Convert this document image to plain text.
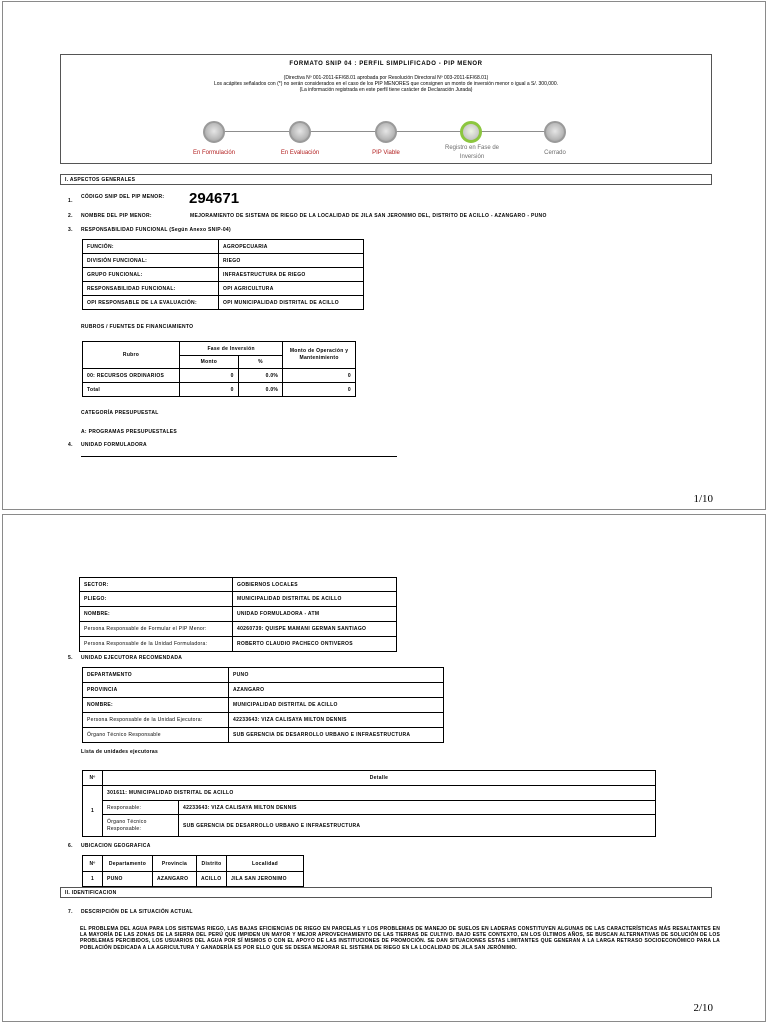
FORMATO SNIP 04 : PERFIL SIMPLIFICADO - PIP MENOR
(Directiva Nº 001-2011-EF/68.01 aprobada por Resolución Directoral Nº 003-2011-EF/68.01)
Los acápites señalados con (*) no serán considerados en el caso de los PIP MENORES que consignen un monto de inversión menor o igual a S/. 300,000.
(La información registrada en este perfil tiene carácter de Declaración Jurada)
En Formulación	En Evaluación	PIP Viable
Registro en Fase de Inversión
Cerrado
I. ASPECTOS GENERALES
1.
CÓDIGO SNIP DEL PIP MENOR:	294671
2. NOMBRE DEL PIP MENOR:	MEJORAMIENTO DE SISTEMA DE RIEGO DE LA LOCALIDAD DE JILA SAN JERONIMO DEL, DISTRITO DE ACILLO - AZANGARO - PUNO
3. RESPONSABILIDAD FUNCIONAL (Según Anexo SNIP-04)
FUNCIÓN:	AGROPECUARIA
DIVISIÓN FUNCIONAL:	RIEGO
GRUPO FUNCIONAL:	INFRAESTRUCTURA DE RIEGO
RESPONSABILIDAD FUNCIONAL:	OPI AGRICULTURA
OPI RESPONSABLE DE LA EVALUACIÓN:	OPI MUNICIPALIDAD DISTRITAL DE ACILLO
RUBROS / FUENTES DE FINANCIAMIENTO
Rubro	Fase de Inversión		Monto de Operación y Mantenimiento
	Monto	%	
00: RECURSOS ORDINARIOS	0	0.0%	0
Total	0	0.0%	0
CATEGORÍA PRESUPUESTAL
A: PROGRAMAS PRESUPUESTALES
4. UNIDAD FORMULADORA
1/10
SECTOR:	GOBIERNOS LOCALES
PLIEGO:	MUNICIPALIDAD DISTRITAL DE ACILLO
NOMBRE:	UNIDAD FORMULADORA - ATM
Persona Responsable de Formular el PIP Menor:	40260739: QUISPE MAMANI GERMAN SANTIAGO
Persona Responsable de la Unidad Formuladora:	ROBERTO CLAUDIO PACHECO ONTIVEROS
5. UNIDAD EJECUTORA RECOMENDADA
DEPARTAMENTO	PUNO
PROVINCIA	AZANGARO
NOMBRE:	MUNICIPALIDAD DISTRITAL DE ACILLO
Persona Responsable de la Unidad Ejecutora:	42233643: VIZA CALISAYA MILTON DENNIS
Órgano Técnico Responsable	SUB GERENCIA DE DESARROLLO URBANO E INFRAESTRUCTURA
Lista de unidades ejecutoras
Nº	Detalle	
1	301611: MUNICIPALIDAD DISTRITAL DE ACILLO	
	Responsable:	42233643: VIZA CALISAYA MILTON DENNIS
	Órgano Técnico Responsable:	SUB GERENCIA DE DESARROLLO URBANO E INFRAESTRUCTURA
6. UBICACION GEOGRAFICA
Nº	Departamento	Provincia	Distrito	Localidad
1	PUNO	AZANGARO	ACILLO	JILA SAN JERONIMO
II. IDENTIFICACION
7. DESCRIPCIÓN DE LA SITUACIÓN ACTUAL
EL PROBLEMA DEL AGUA PARA LOS SISTEMAS RIEGO, LAS BAJAS EFICIENCIAS DE RIEGO EN PARCELAS Y LOS PROBLEMAS DE MANEJO DE SUELOS EN LADERAS CONSTITUYEN ALGUNAS DE LAS CARACTERÍSTICAS MÁS RESALTANTES EN LA MAYORÍA DE LAS ZONAS DE LA SIERRA DEL PERÚ QUE IMPIDEN UN MAYOR Y MEJOR APROVECHAMIENTO DE LAS TIERRAS DE CULTIVO. BAJO ESTE CONTEXTO, EN LOS ÚLTIMOS AÑOS, SE BUSCAN ALTERNATIVAS DE SOLUCIÓN DE LOS PROBLEMAS PERCIBIDOS, LOS USUARIOS DEL AGUA POR SÍ MISMOS O CON EL APOYO DE LAS INSTITUCIONES DE PROMOCIÓN. SE DAN SITUACIONES ESTAS LIMITANTES QUE GENERAN A LA LARGA RETRASO SOCIOECONÓMICO PARA LA POBLACIÓN DEDICADA A LA AGRICULTURA Y GANADERÍA ES POR ELLO QUE SE DESEA MEJORAR EL SISTEMA DE RIEGO EN LA LOCALIDAD DE JILA SAN JERÓNIMO.
2/10
